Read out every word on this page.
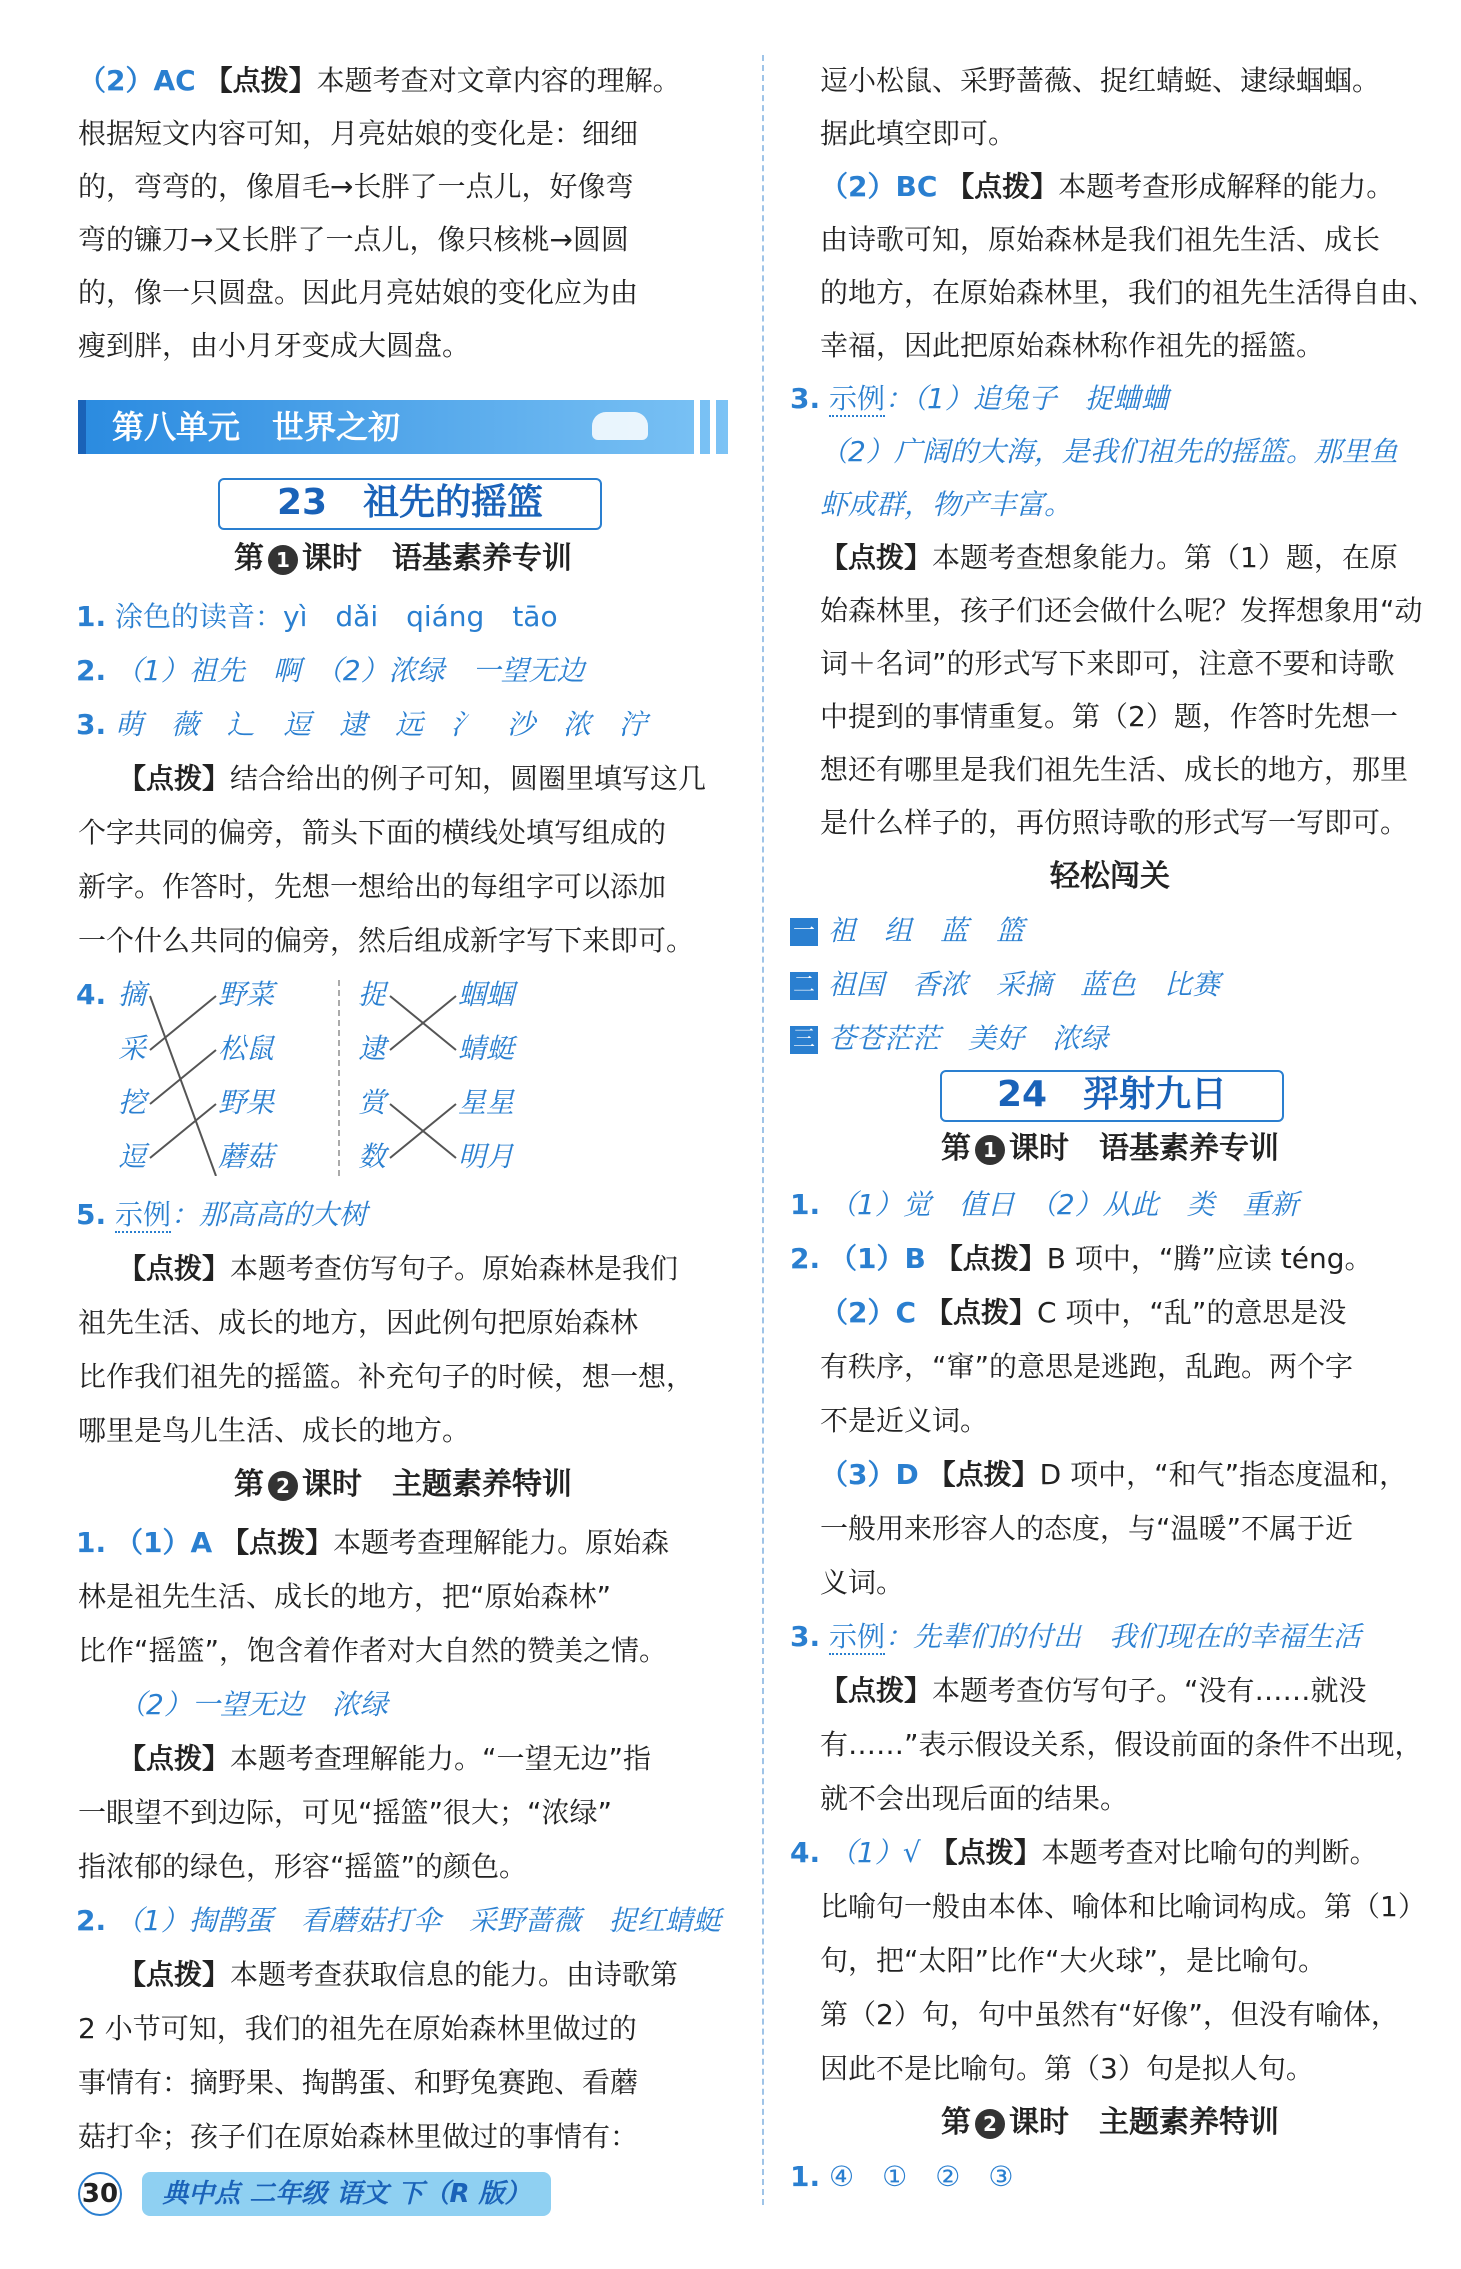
（2）AC 【点拨】本题考查对文章内容的理解。
根据短文内容可知，月亮姑娘的变化是：细细
的，弯弯的，像眉毛→长胖了一点儿，好像弯
弯的镰刀→又长胖了一点儿，像只核桃→圆圆
的，像一只圆盘。因此月亮姑娘的变化应为由
瘦到胖，由小月牙变成大圆盘。
第八单元　世界之初
23　祖先的摇篮
第 1 课时　语基素养专训
1. 涂色的读音：yì　dǎi　qiáng　tāo
2. （1）祖先　啊　（2）浓绿　一望无边
3. 萌　薇　辶　逗　逮　远　氵　沙　浓　泞
【点拨】结合给出的例子可知，圆圈里填写这几
个字共同的偏旁，箭头下面的横线处填写组成的
新字。作答时，先想一想给出的每组字可以添加
一个什么共同的偏旁，然后组成新字写下来即可。
4. 摘
采
挖
逗
野菜
松鼠
野果
蘑菇
捉
逮
赏
数
蝈蝈
蜻蜓
星星
明月
5. 示例：那高高的大树
【点拨】本题考查仿写句子。原始森林是我们
祖先生活、成长的地方，因此例句把原始森林
比作我们祖先的摇篮。补充句子的时候，想一想，
哪里是鸟儿生活、成长的地方。
第 2 课时　主题素养特训
1. （1）A 【点拨】本题考查理解能力。原始森
林是祖先生活、成长的地方，把“原始森林”
比作“摇篮”，饱含着作者对大自然的赞美之情。
（2）一望无边　浓绿
【点拨】本题考查理解能力。“一望无边”指
一眼望不到边际，可见“摇篮”很大；“浓绿”
指浓郁的绿色，形容“摇篮”的颜色。
2. （1）掏鹊蛋　看蘑菇打伞　采野蔷薇　捉红蜻蜓
【点拨】本题考查获取信息的能力。由诗歌第
2 小节可知，我们的祖先在原始森林里做过的
事情有：摘野果、掏鹊蛋、和野兔赛跑、看蘑
菇打伞；孩子们在原始森林里做过的事情有：
逗小松鼠、采野蔷薇、捉红蜻蜓、逮绿蝈蝈。
据此填空即可。
（2）BC 【点拨】本题考查形成解释的能力。
由诗歌可知，原始森林是我们祖先生活、成长
的地方，在原始森林里，我们的祖先生活得自由、
幸福，因此把原始森林称作祖先的摇篮。
3. 示例：（1）追兔子　捉蛐蛐
（2）广阔的大海，是我们祖先的摇篮。那里鱼
虾成群，物产丰富。
【点拨】本题考查想象能力。第（1）题，在原
始森林里，孩子们还会做什么呢？发挥想象用“动
词＋名词”的形式写下来即可，注意不要和诗歌
中提到的事情重复。第（2）题，作答时先想一
想还有哪里是我们祖先生活、成长的地方，那里
是什么样子的，再仿照诗歌的形式写一写即可。
轻松闯关
一 祖　组　蓝　篮
二 祖国　香浓　采摘　蓝色　比赛
三 苍苍茫茫　美好　浓绿
24　羿射九日
第 1 课时　语基素养专训
1. （1）觉　值日　（2）从此　类　重新
2. （1）B 【点拨】B 项中，“腾”应读 téng。
（2）C 【点拨】C 项中，“乱”的意思是没
有秩序，“窜”的意思是逃跑，乱跑。两个字
不是近义词。
（3）D 【点拨】D 项中，“和气”指态度温和，
一般用来形容人的态度，与“温暖”不属于近
义词。
3. 示例：先辈们的付出　我们现在的幸福生活
【点拨】本题考查仿写句子。“没有……就没
有……”表示假设关系，假设前面的条件不出现，
就不会出现后面的结果。
4. （1）√ 【点拨】本题考查对比喻句的判断。
比喻句一般由本体、喻体和比喻词构成。第（1）
句，把“太阳”比作“大火球”，是比喻句。
第（2）句，句中虽然有“好像”，但没有喻体，
因此不是比喻句。第（3）句是拟人句。
第 2 课时　主题素养特训
1. ④　①　②　③
30 典中点 二年级 语文 下（R 版）
